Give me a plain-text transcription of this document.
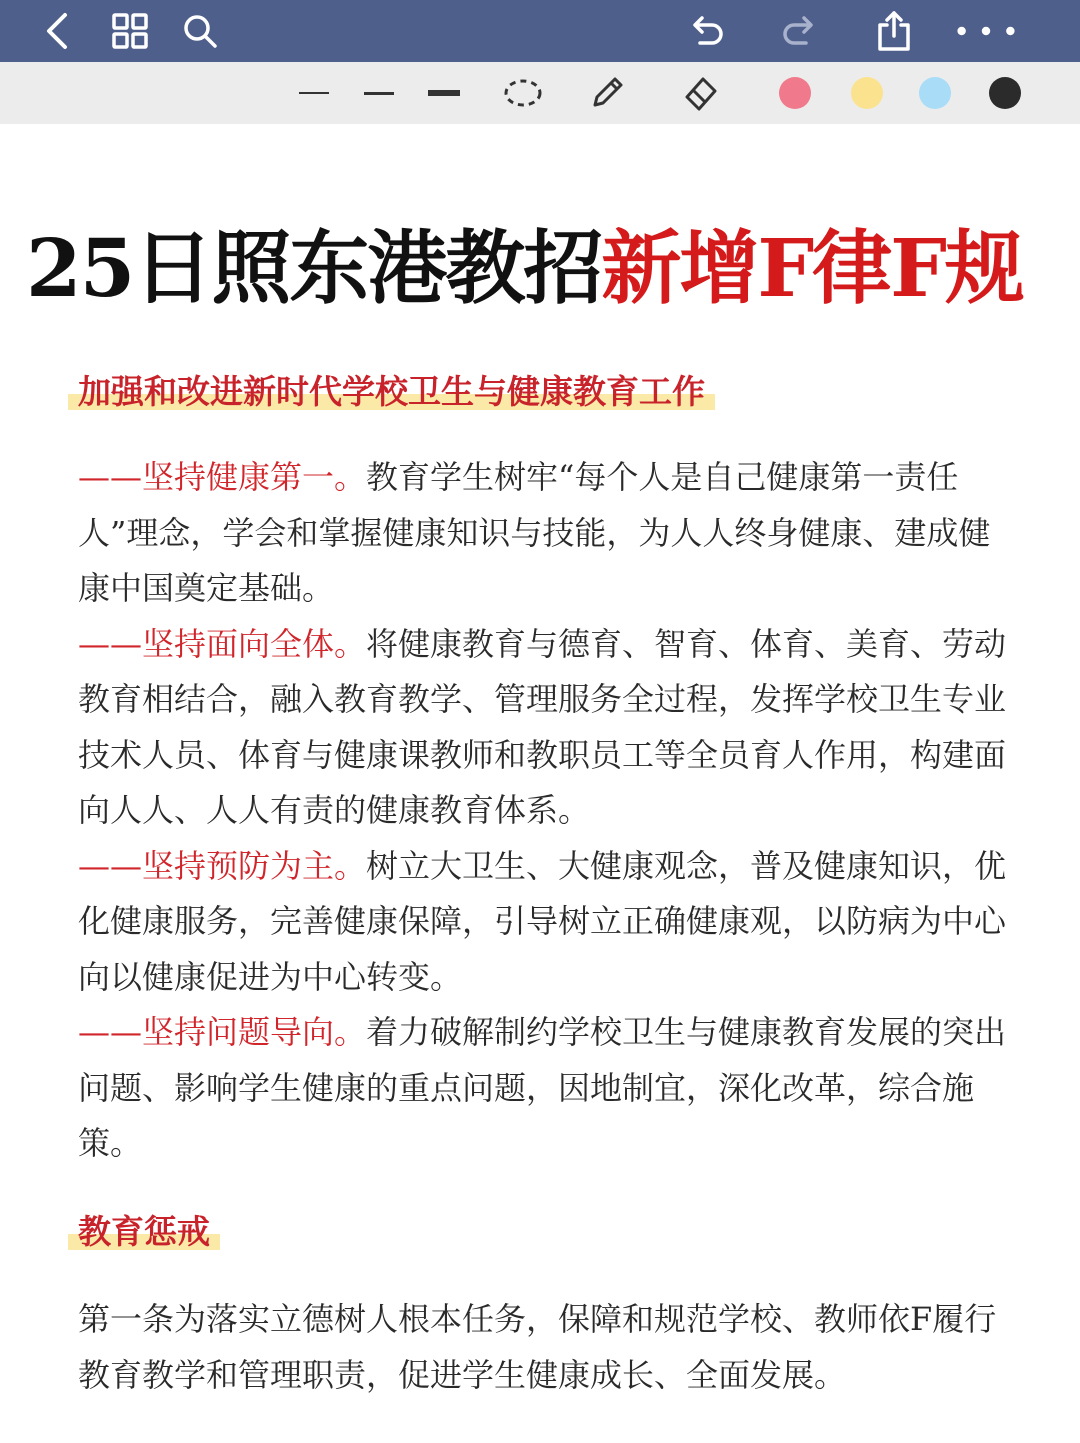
25日照东港教招新增F律F规
加强和改进新时代学校卫生与健康教育工作
——坚持健康第一。教育学生树牢“每个人是自己健康第一责任人”理念，学会和掌握健康知识与技能，为人人终身健康、建成健康中国奠定基础。
——坚持面向全体。将健康教育与德育、智育、体育、美育、劳动教育相结合，融入教育教学、管理服务全过程，发挥学校卫生专业技术人员、体育与健康课教师和教职员工等全员育人作用，构建面向人人、人人有责的健康教育体系。
——坚持预防为主。树立大卫生、大健康观念，普及健康知识，优化健康服务，完善健康保障，引导树立正确健康观，以防病为中心向以健康促进为中心转变。
——坚持问题导向。着力破解制约学校卫生与健康教育发展的突出问题、影响学生健康的重点问题，因地制宜，深化改革，综合施策。
教育惩戒
第一条为落实立德树人根本任务，保障和规范学校、教师依F履行教育教学和管理职责，促进学生健康成长、全面发展。
